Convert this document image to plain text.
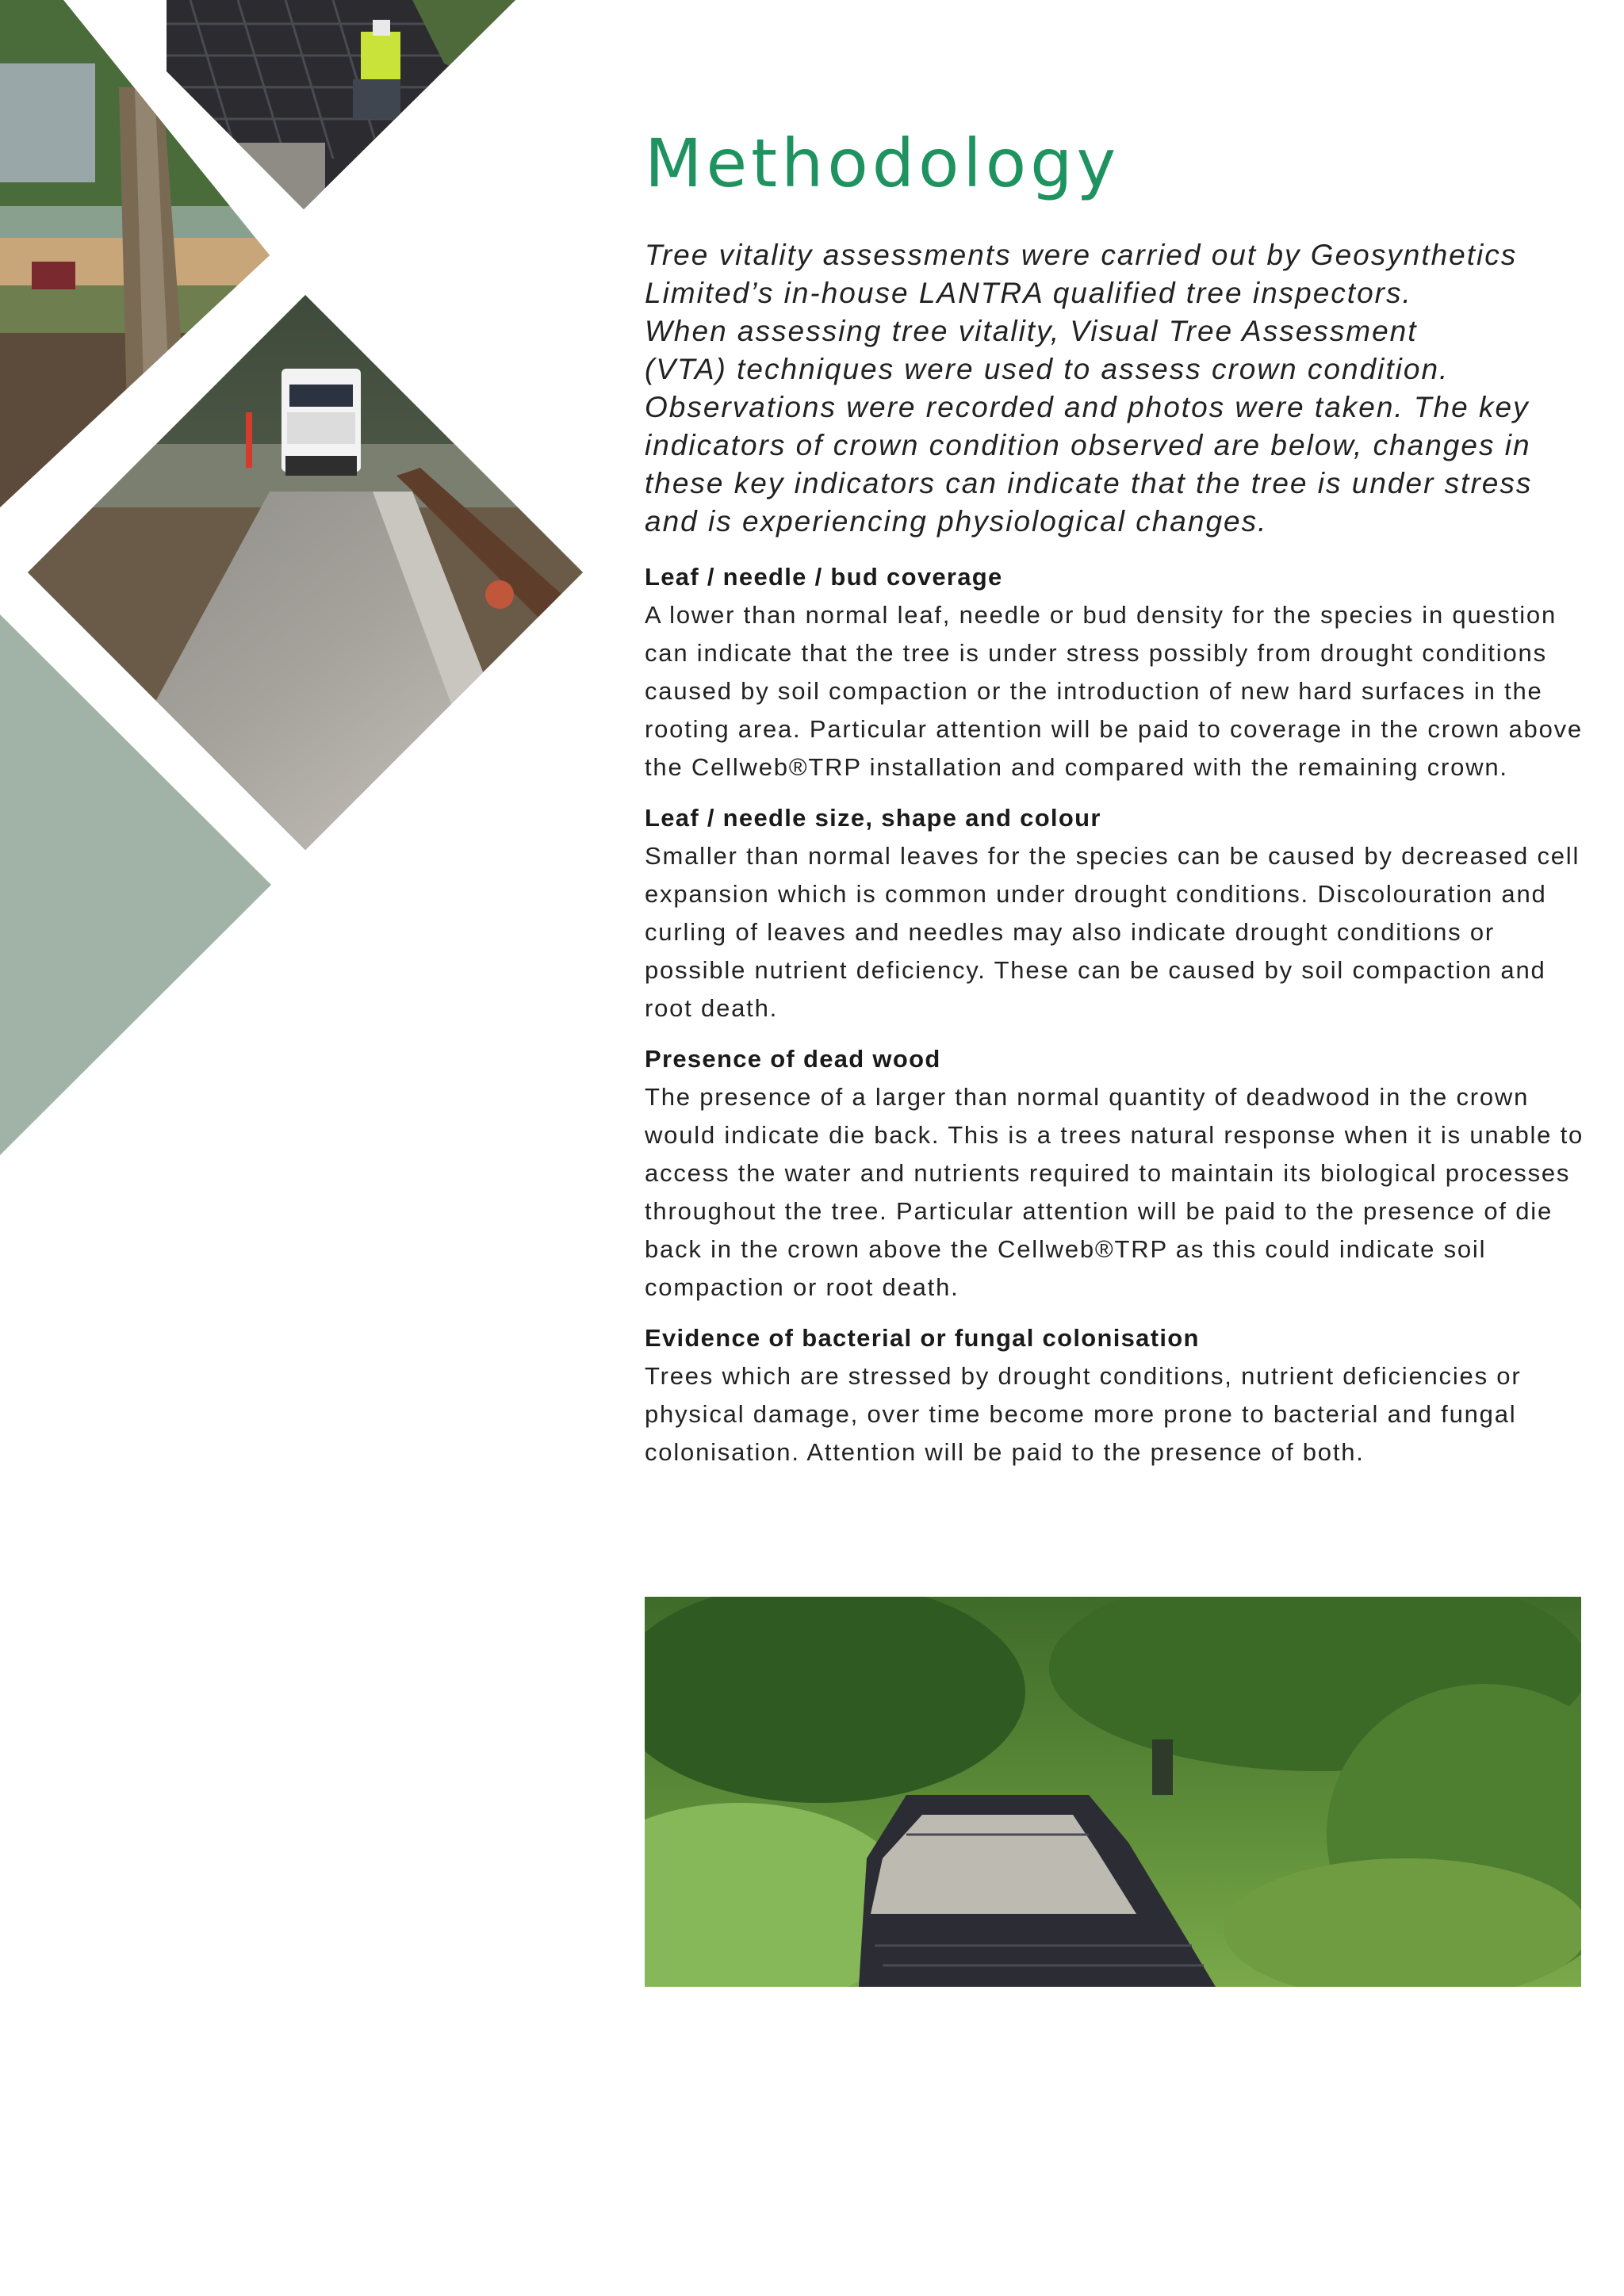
Methodology

Tree vitality assessments were carried out by Geosynthetics
Limited’s in-house LANTRA qualified tree inspectors.
When assessing tree vitality, Visual Tree Assessment
(VTA) techniques were used to assess crown condition.
Observations were recorded and photos were taken. The key
indicators of crown condition observed are below, changes in
these key indicators can indicate that the tree is under stress
and is experiencing physiological changes.

Leaf / needle / bud coverage

A lower than normal leaf, needle or bud density for the species in question can indicate that the tree is under stress possibly from drought conditions caused by soil compaction or the introduction of new hard surfaces in the rooting area. Particular attention will be paid to coverage in the crown above the Cellweb®TRP installation and compared with the remaining crown.

Leaf / needle size, shape and colour

Smaller than normal leaves for the species can be caused by decreased cell expansion which is common under drought conditions. Discolouration and curling of leaves and needles may also indicate drought conditions or possible nutrient deficiency. These can be caused by soil compaction and root death.

Presence of dead wood

The presence of a larger than normal quantity of deadwood in the crown would indicate die back. This is a trees natural response when it is unable to access the water and nutrients required to maintain its biological processes throughout the tree. Particular attention will be paid to the presence of die back in the crown above the Cellweb®TRP as this could indicate soil compaction or root death.

Evidence of bacterial or fungal colonisation

Trees which are stressed by drought conditions, nutrient deficiencies or physical damage, over time become more prone to bacterial and fungal colonisation. Attention will be paid to the presence of both.
